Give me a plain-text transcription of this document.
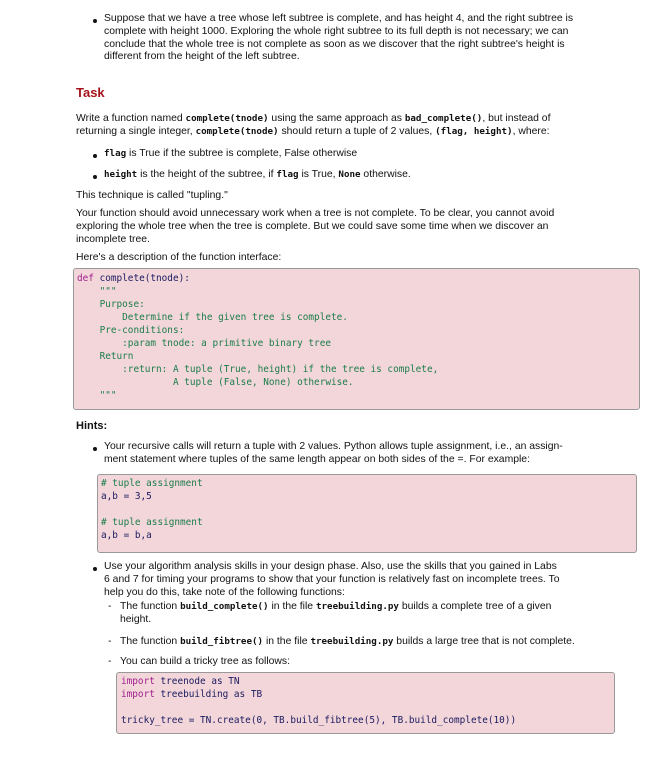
Suppose that we have a tree whose left subtree is complete, and has height 4, and the right subtree is
complete with height 1000. Exploring the whole right subtree to its full depth is not necessary; we can
conclude that the whole tree is not complete as soon as we discover that the right subtree's height is
different from the height of the left subtree.
Task
Write a function named complete(tnode) using the same approach as bad_complete(), but instead of
returning a single integer, complete(tnode) should return a tuple of 2 values, (flag, height), where:
flag is True if the subtree is complete, False otherwise
height is the height of the subtree, if flag is True, None otherwise.
This technique is called "tupling."
Your function should avoid unnecessary work when a tree is not complete. To be clear, you cannot avoid
exploring the whole tree when the tree is complete. But we could save some time when we discover an
incomplete tree.
Here's a description of the function interface:
def complete(tnode):
"""
Purpose:
Determine if the given tree is complete.
Pre-conditions:
:param tnode: a primitive binary tree
Return
:return: A tuple (True, height) if the tree is complete,
A tuple (False, None) otherwise.
"""
Hints:
Your recursive calls will return a tuple with 2 values. Python allows tuple assignment, i.e., an assign-
ment statement where tuples of the same length appear on both sides of the =. For example:
# tuple assignment
a,b = 3,5

# tuple assignment
a,b = b,a
Use your algorithm analysis skills in your design phase. Also, use the skills that you gained in Labs
6 and 7 for timing your programs to show that your function is relatively fast on incomplete trees. To
help you do this, take note of the following functions:
- The function build_complete() in the file treebuilding.py builds a complete tree of a given
height.
- The function build_fibtree() in the file treebuilding.py builds a large tree that is not complete.
- You can build a tricky tree as follows:
import treenode as TN
import treebuilding as TB

tricky_tree = TN.create(0, TB.build_fibtree(5), TB.build_complete(10))
